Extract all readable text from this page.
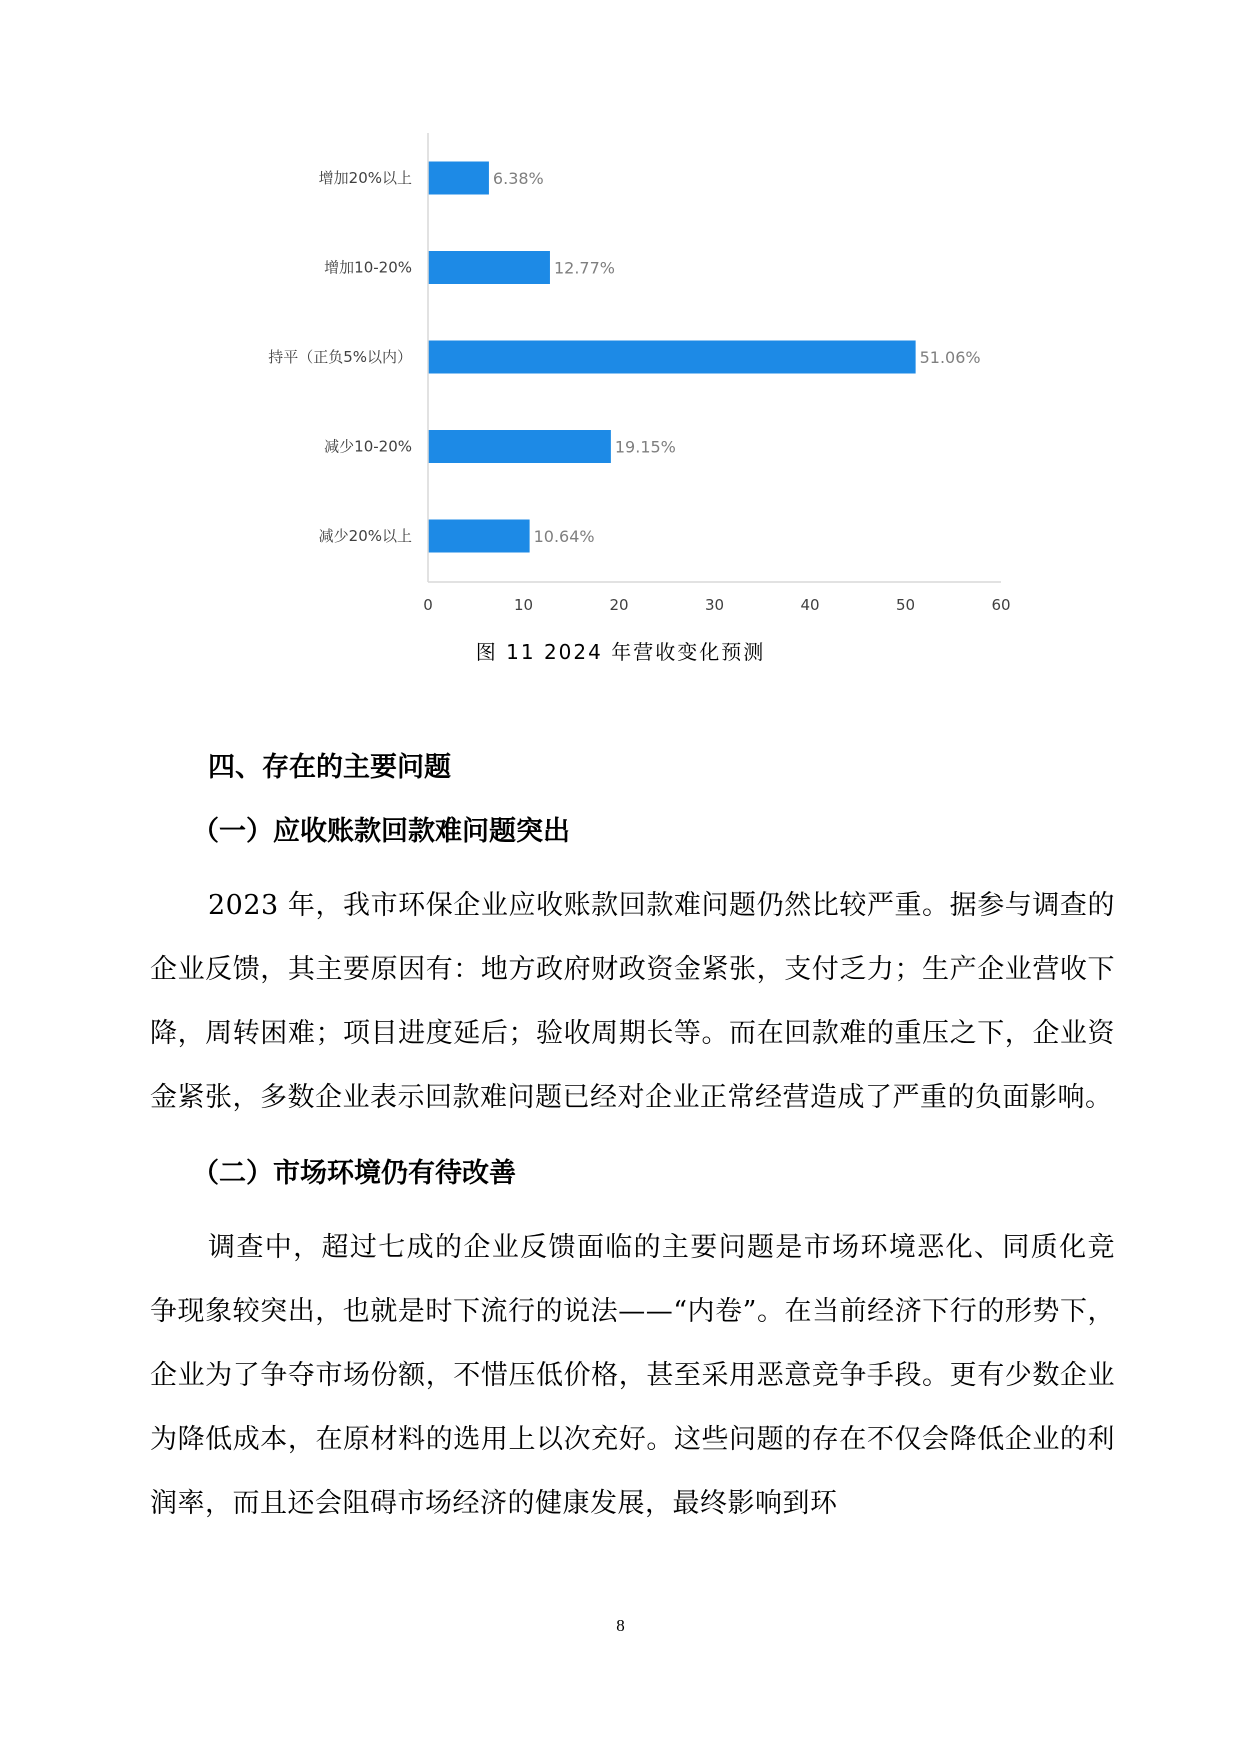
增加20%以上
增加10-20%
持平（正负5%以内）
减少10-20%
减少20%以上
6.38%
12.77%
51.06%
19.15%
10.64%
0	10	20	30	40	50	60
图 11 2024 年营收变化预测
四、存在的主要问题
（一）应收账款回款难问题突出

2023 年，我市环保企业应收账款回款难问题仍然比较严重。据参与调查的企业反馈，其主要原因有：地方政府财政资金紧张，支付乏力；生产企业营收下降，周转困难；项目进度延后；验收周期长等。而在回款难的重压之下，企业资金紧张，多数企业表示回款难问题已经对企业正常经营造成了严重的负面影响。

（二）市场环境仍有待改善

调查中，超过七成的企业反馈面临的主要问题是市场环境恶化、同质化竞争现象较突出，也就是时下流行的说法——“内卷”。在当前经济下行的形势下，企业为了争夺市场份额，不惜压低价格，甚至采用恶意竞争手段。更有少数企业为降低成本，在原材料的选用上以次充好。这些问题的存在不仅会降低企业的利润率，而且还会阻碍市场经济的健康发展，最终影响到环

8
